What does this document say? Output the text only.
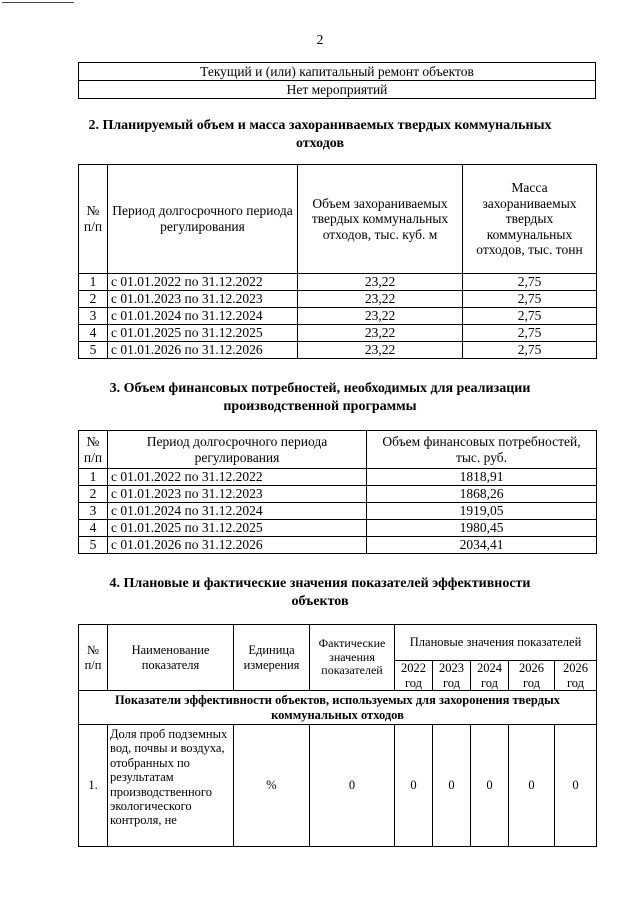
2
Текущий и (или) капитальный ремонт объектов
Нет мероприятий
2. Планируемый объем и масса захораниваемых твердых коммунальных
отходов
№ п/п	Период долгосрочного периода регулирования	Объем захораниваемых твердых коммунальных отходов, тыс. куб. м	Масса захораниваемых твердых коммунальных отходов, тыс. тонн
1	с 01.01.2022 по 31.12.2022	23,22	2,75
2	с 01.01.2023 по 31.12.2023	23,22	2,75
3	с 01.01.2024 по 31.12.2024	23,22	2,75
4	с 01.01.2025 по 31.12.2025	23,22	2,75
5	с 01.01.2026 по 31.12.2026	23,22	2,75
3. Объем финансовых потребностей, необходимых для реализации
производственной программы
№ п/п	Период долгосрочного периода регулирования	Объем финансовых потребностей, тыс. руб.
1	с 01.01.2022 по 31.12.2022	1818,91
2	с 01.01.2023 по 31.12.2023	1868,26
3	с 01.01.2024 по 31.12.2024	1919,05
4	с 01.01.2025 по 31.12.2025	1980,45
5	с 01.01.2026 по 31.12.2026	2034,41
4. Плановые и фактические значения показателей эффективности
объектов
№ п/п	Наименование показателя	Единица измерения	Фактические значения показателей	Плановые значения показателей				
				2022 год	2023 год	2024 год	2026 год	2026 год
Показатели эффективности объектов, используемых для захоронения твердых коммунальных отходов								
1.	Доля проб подземных вод, почвы и воздуха, отобранных по результатам производственного экологического контроля, не	%	0	0	0	0	0	0
